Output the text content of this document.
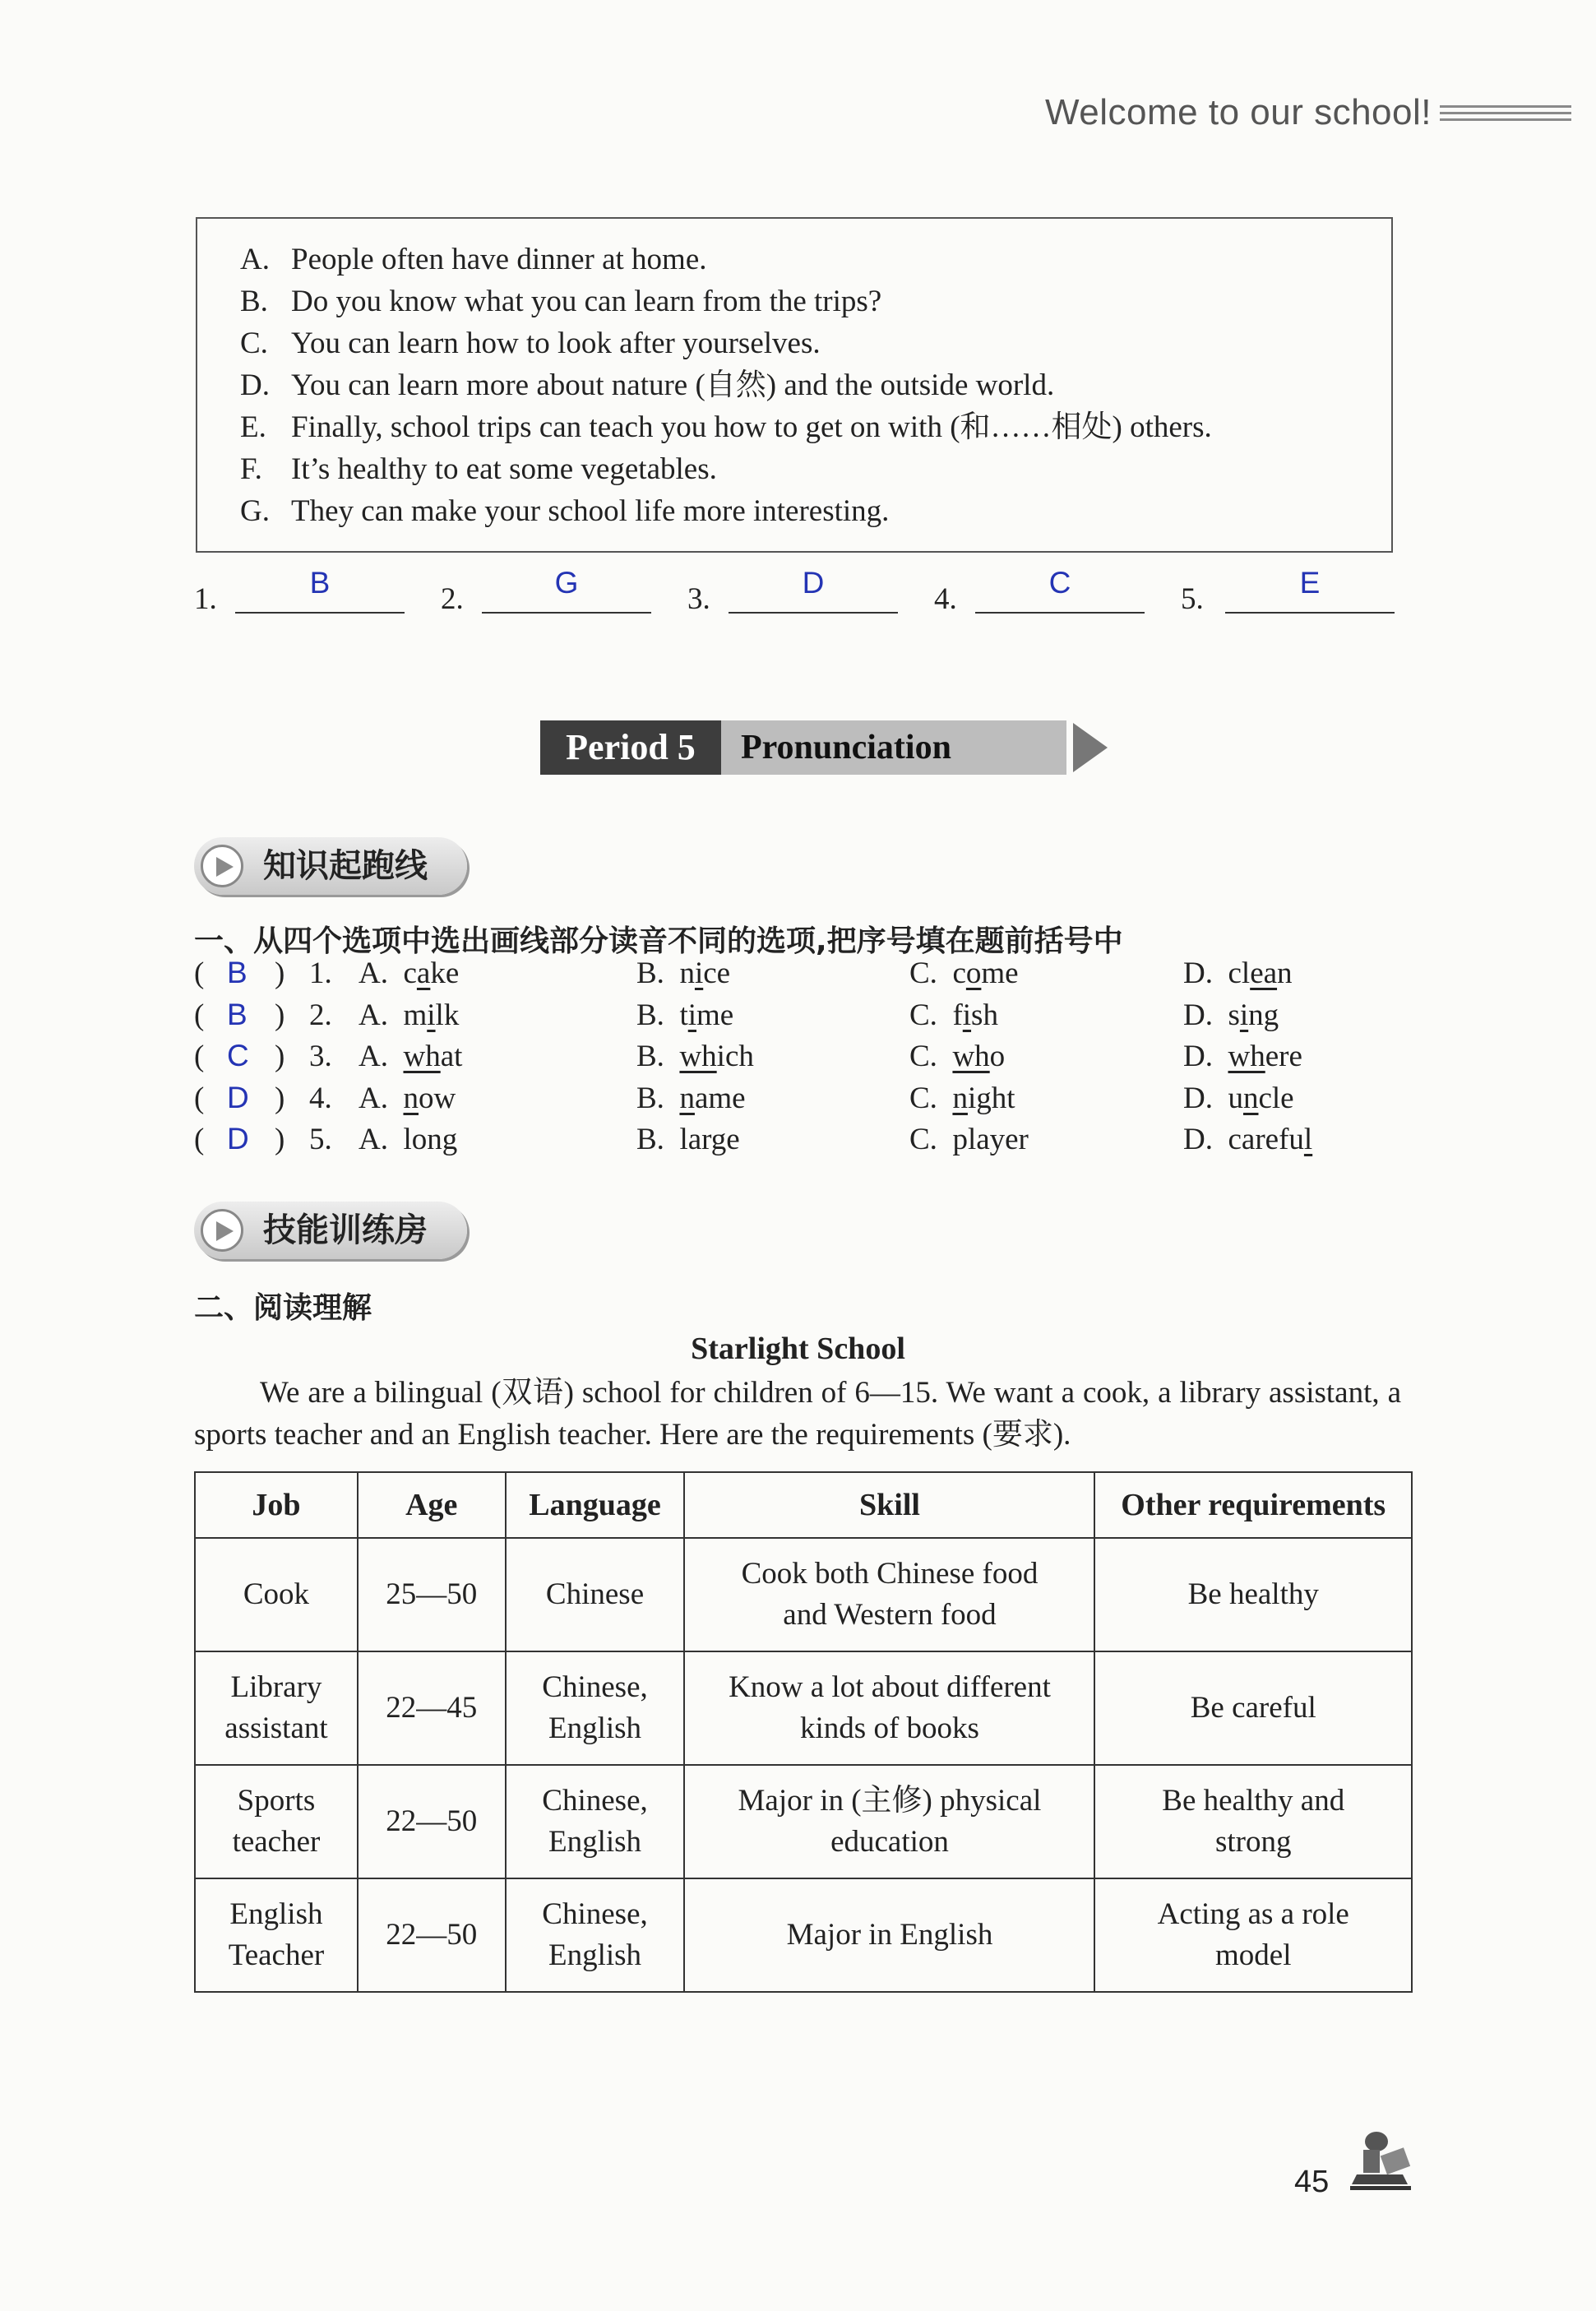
Welcome to our school!
A. People often have dinner at home.
B. Do you know what you can learn from the trips?
C. You can learn how to look after yourselves.
D. You can learn more about nature (自然) and the outside world.
E. Finally, school trips can teach you how to get on with (和……相处) others.
F. It’s healthy to eat some vegetables.
G. They can make your school life more interesting.
1.	B	2.	G	3.	D	4.	C	5.	E
Period 5	Pronunciation
知识起跑线
一、从四个选项中选出画线部分读音不同的选项,把序号填在题前括号中
( B ) 1. A.  cake	B.  nice	C.  come	D.  clean
( B ) 2. A.  milk	B.  time	C.  fish	D.  sing
( C ) 3. A.  what	B.  which	C.  who	D.  where
( D ) 4. A.  now	B.  name	C.  night	D.  uncle
( D ) 5. A.  long	B.  large	C.  player	D.  careful
技能训练房
二、阅读理解
Starlight School
We are a bilingual (双语) school for children of 6—15. We want a cook, a library assistant, a sports teacher and an English teacher. Here are the requirements (要求).
Job	Age	Language	Skill	Other requirements
Cook	25—50	Chinese	Cook both Chinese food and Western food	Be healthy
Library assistant	22—45	Chinese, English	Know a lot about different kinds of books	Be careful
Sports teacher	22—50	Chinese, English	Major in (主修) physical education	Be healthy and strong
English Teacher	22—50	Chinese, English	Major in English	Acting as a role model
45
